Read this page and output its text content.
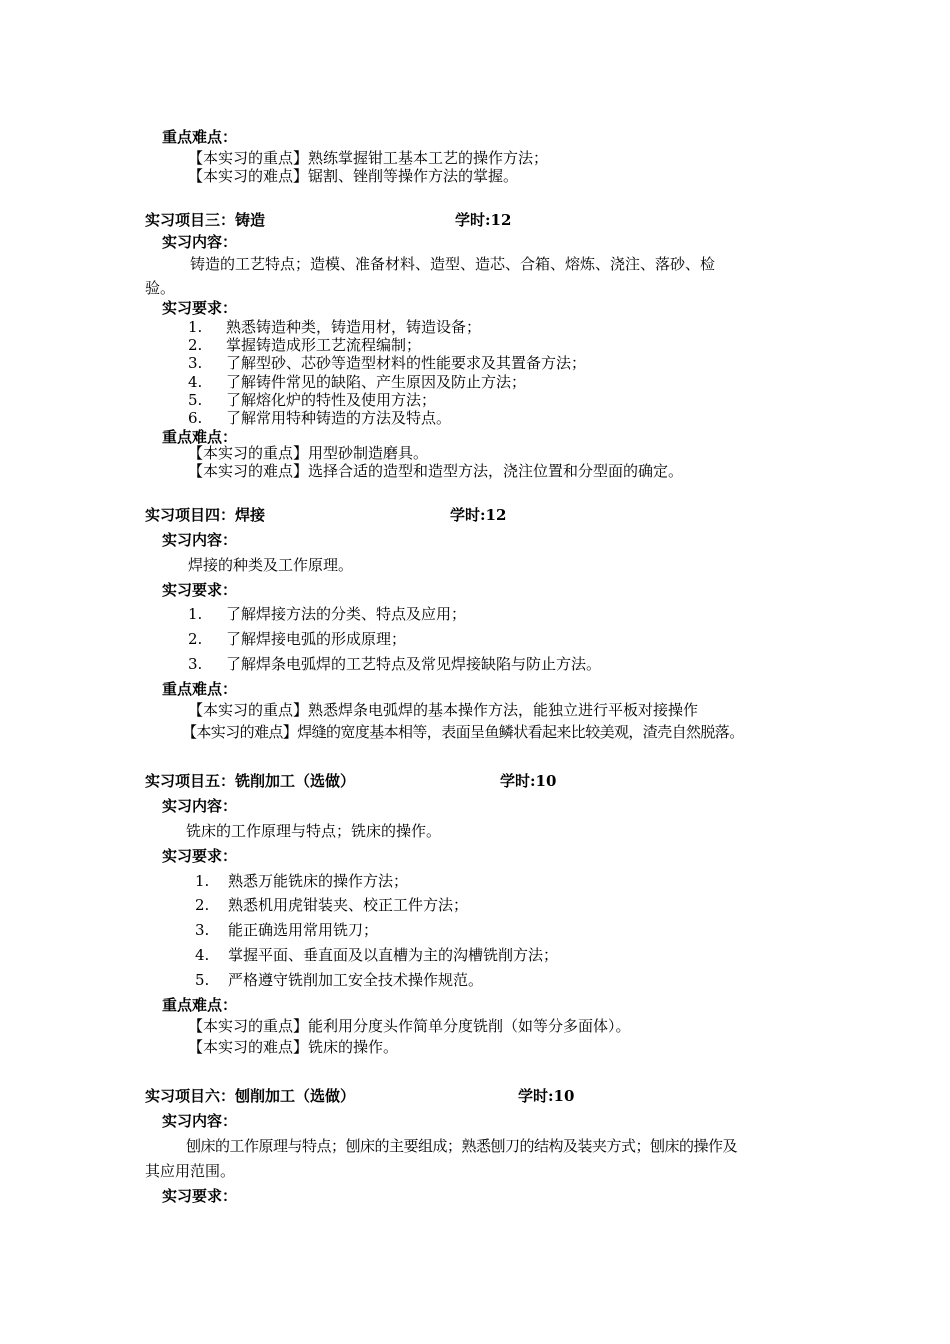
重点难点：
【本实习的重点】熟练掌握钳工基本工艺的操作方法；
【本实习的难点】锯割、锉削等操作方法的掌握。
实习项目三：铸造	学时:12
实习内容：
铸造的工艺特点；造模、准备材料、造型、造芯、合箱、熔炼、浇注、落砂、检
验。
实习要求：
1. 熟悉铸造种类，铸造用材，铸造设备；
2. 掌握铸造成形工艺流程编制；
3. 了解型砂、芯砂等造型材料的性能要求及其置备方法；
4. 了解铸件常见的缺陷、产生原因及防止方法；
5. 了解熔化炉的特性及使用方法；
6. 了解常用特种铸造的方法及特点。
重点难点：
【本实习的重点】用型砂制造磨具。
【本实习的难点】选择合适的造型和造型方法，浇注位置和分型面的确定。
实习项目四：焊接	学时:12
实习内容：
焊接的种类及工作原理。
实习要求：
1. 了解焊接方法的分类、特点及应用；
2. 了解焊接电弧的形成原理；
3. 了解焊条电弧焊的工艺特点及常见焊接缺陷与防止方法。
重点难点：
【本实习的重点】熟悉焊条电弧焊的基本操作方法，能独立进行平板对接操作
【本实习的难点】焊缝的宽度基本相等，表面呈鱼鳞状看起来比较美观，渣壳自然脱落。
实习项目五：铣削加工（选做）	学时:10
实习内容：
铣床的工作原理与特点；铣床的操作。
实习要求：
1. 熟悉万能铣床的操作方法；
2. 熟悉机用虎钳装夹、校正工件方法；
3. 能正确选用常用铣刀；
4. 掌握平面、垂直面及以直槽为主的沟槽铣削方法；
5. 严格遵守铣削加工安全技术操作规范。
重点难点：
【本实习的重点】能利用分度头作简单分度铣削（如等分多面体）。
【本实习的难点】铣床的操作。
实习项目六：刨削加工（选做）	学时:10
实习内容：
刨床的工作原理与特点；刨床的主要组成；熟悉刨刀的结构及装夹方式；刨床的操作及
其应用范围。
实习要求：
